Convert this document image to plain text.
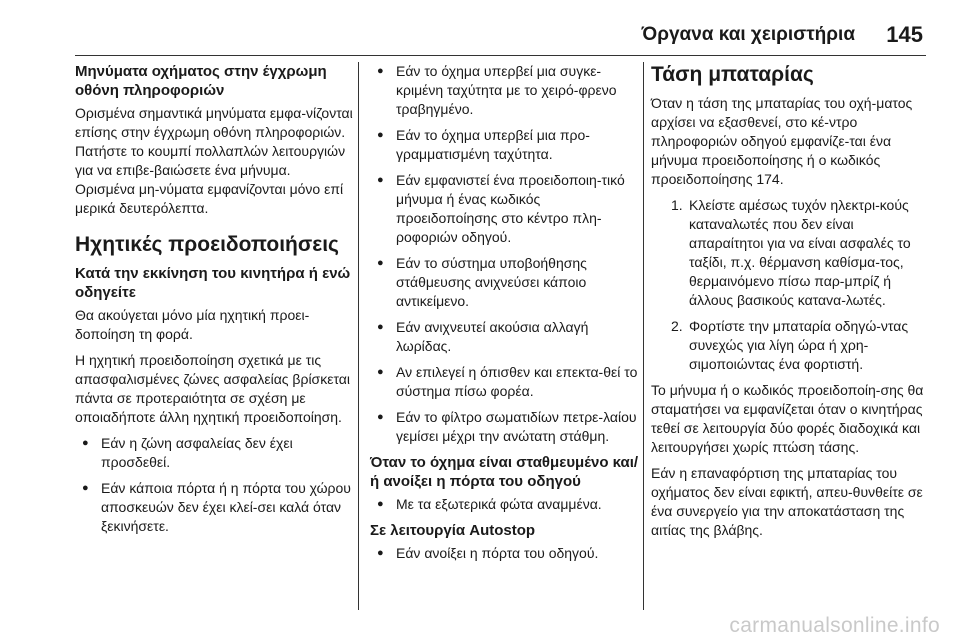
Όργανα και χειριστήρια 145
Μηνύματα οχήματος στην έγχρωμη οθόνη πληροφοριών

Ορισμένα σημαντικά μηνύματα εμφα-νίζονται επίσης στην έγχρωμη οθόνη πληροφοριών. Πατήστε το κουμπί πολλαπλών λειτουργιών για να επιβε-βαιώσετε ένα μήνυμα. Ορισμένα μη-νύματα εμφανίζονται μόνο επί μερικά δευτερόλεπτα.

Ηχητικές προειδοποιήσεις
Κατά την εκκίνηση του κινητήρα ή ενώ οδηγείτε

Θα ακούγεται μόνο μία ηχητική προει-δοποίηση τη φορά.

Η ηχητική προειδοποίηση σχετικά με τις απασφαλισμένες ζώνες ασφαλείας βρίσκεται πάντα σε προτεραιότητα σε σχέση με οποιαδήποτε άλλη ηχητική προειδοποίηση.

● Εάν η ζώνη ασφαλείας δεν έχει προσδεθεί.
● Εάν κάποια πόρτα ή η πόρτα του χώρου αποσκευών δεν έχει κλεί-σει καλά όταν ξεκινήσετε.
● Εάν το όχημα υπερβεί μια συγκε-κριμένη ταχύτητα με το χειρό-φρενο τραβηγμένο.
● Εάν το όχημα υπερβεί μια προ-γραμματισμένη ταχύτητα.
● Εάν εμφανιστεί ένα προειδοποιη-τικό μήνυμα ή ένας κωδικός προειδοποίησης στο κέντρο πλη-ροφοριών οδηγού.
● Εάν το σύστημα υποβοήθησης στάθμευσης ανιχνεύσει κάποιο αντικείμενο.
● Εάν ανιχνευτεί ακούσια αλλαγή λωρίδας.
● Αν επιλεγεί η όπισθεν και επεκτα-θεί το σύστημα πίσω φορέα.
● Εάν το φίλτρο σωματιδίων πετρε-λαίου γεμίσει μέχρι την ανώτατη στάθμη.
Όταν το όχημα είναι σταθμευμένο και/ή ανοίξει η πόρτα του οδηγού
● Με τα εξωτερικά φώτα αναμμένα.
Σε λειτουργία Autostop
● Εάν ανοίξει η πόρτα του οδηγού.
Τάση μπαταρίας

Όταν η τάση της μπαταρίας του οχή-ματος αρχίσει να εξασθενεί, στο κέ-ντρο πληροφοριών οδηγού εμφανίζε-ται ένα μήνυμα προειδοποίησης ή ο κωδικός προειδοποίησης 174.

1. Κλείστε αμέσως τυχόν ηλεκτρι-κούς καταναλωτές που δεν είναι απαραίτητοι για να είναι ασφαλές το ταξίδι, π.χ. θέρμανση καθίσμα-τος, θερμαινόμενο πίσω παρ-μπρίζ ή άλλους βασικούς καταvα-λωτές.
2. Φορτίστε την μπαταρία οδηγώ-ντας συνεχώς για λίγη ώρα ή χρη-σιμοποιώντας ένα φορτιστή.

Το μήνυμα ή ο κωδικός προειδοποίη-σης θα σταματήσει να εμφανίζεται όταν ο κινητήρας τεθεί σε λειτουργία δύο φορές διαδοχικά και λειτουργήσει χωρίς πτώση τάσης.

Εάν η επαναφόρτιση της μπαταρίας του οχήματος δεν είναι εφικτή, απευ-θυνθείτε σε ένα συνεργείο για την αποκατάσταση της αιτίας της βλάβης.

carmanualsonline.info
